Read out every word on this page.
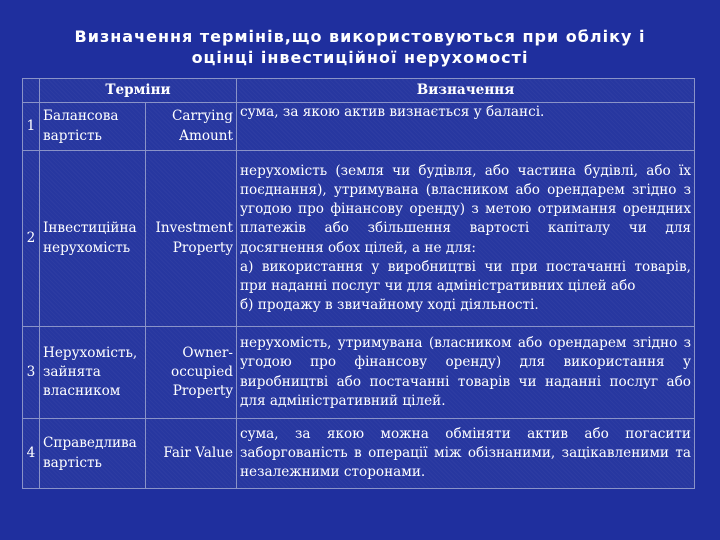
Визначення термінів,що використовуються при обліку і
оцінці інвестиційної нерухомості
	Терміни		Визначення
1	Балансова вартість	Carrying Amount	сума, за якою актив визнається у балансі.

2	Інвестиційна нерухомість	Investment Property	нерухомість (земля чи будівля, або частина будівлі, або їх поєднання), утримувана (власником або орендарем згідно з угодою про фінансову оренду) з метою отримання орендних платежів або збільшення вартості капіталу чи для досягнення обох цілей, а не для:
а) використання у виробництві чи при постачанні товарів, при наданні послуг чи для адміністративних цілей або
б) продажу в звичайному ході діяльності.

3	Нерухомість, зайнята власником	Owner-occupied Property	нерухомість, утримувана (власником або орендарем згідно з угодою про фінансову оренду) для використання у виробництві або постачанні товарів чи наданні послуг або для адміністративний цілей.

4	Справедлива вартість	Fair Value	сума, за якою можна обміняти актив або погасити заборгованість в операції між обізнаними, зацікавленими та незалежними сторонами.
